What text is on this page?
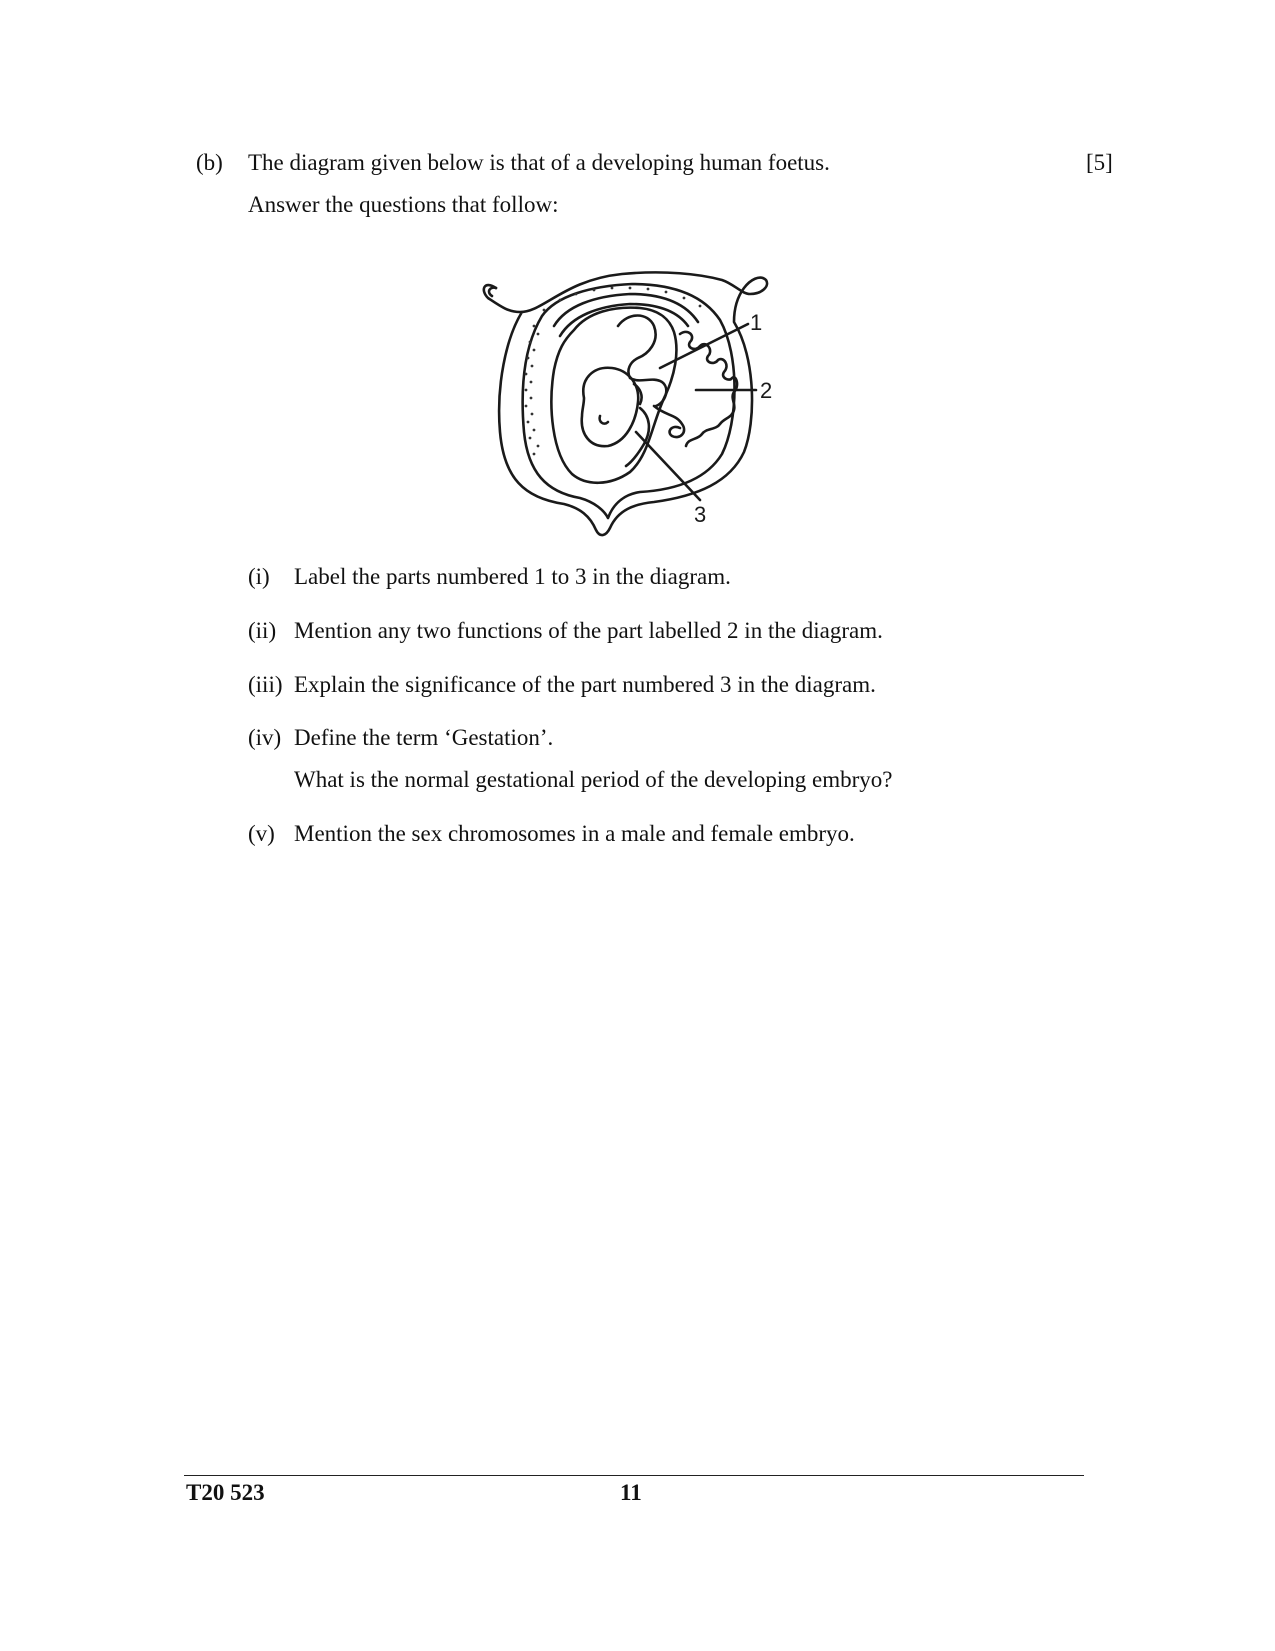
(b) The diagram given below is that of a developing human foetus.	[5]
Answer the questions that follow:
1
2
3
(i) Label the parts numbered 1 to 3 in the diagram.
(ii) Mention any two functions of the part labelled 2 in the diagram.
(iii) Explain the significance of the part numbered 3 in the diagram.
(iv) Define the term ‘Gestation’.
What is the normal gestational period of the developing embryo?
(v) Mention the sex chromosomes in a male and female embryo.
T20 523	11
